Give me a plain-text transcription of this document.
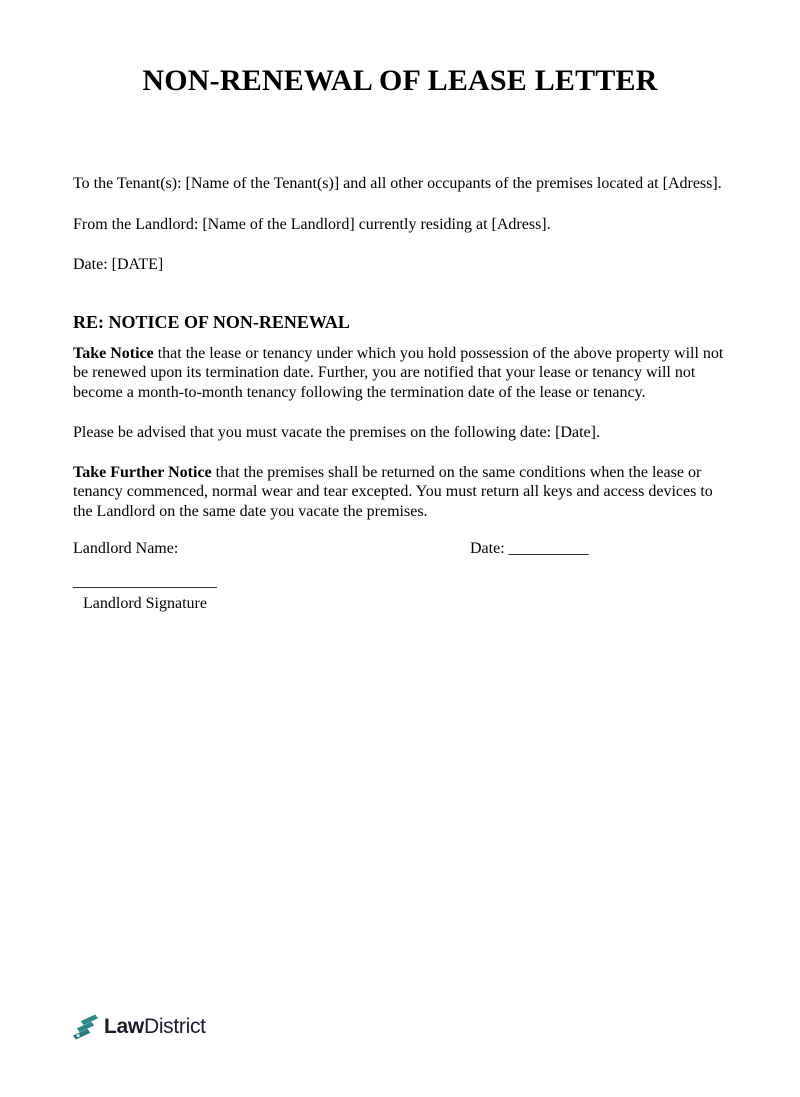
NON-RENEWAL OF LEASE LETTER

To the Tenant(s): [Name of the Tenant(s)] and all other occupants of the premises located at [Adress].

From the Landlord: [Name of the Landlord] currently residing at [Adress].

Date: [DATE]

RE: NOTICE OF NON-RENEWAL

Take Notice that the lease or tenancy under which you hold possession of the above property will not be renewed upon its termination date. Further, you are notified that your lease or tenancy will not become a month-to-month tenancy following the termination date of the lease or tenancy.

Please be advised that you must vacate the premises on the following date: [Date].

Take Further Notice that the premises shall be returned on the same conditions when the lease or tenancy commenced, normal wear and tear excepted. You must return all keys and access devices to the Landlord on the same date you vacate the premises.

Landlord Name:	Date: __________

__________________

Landlord Signature

LawDistrict
